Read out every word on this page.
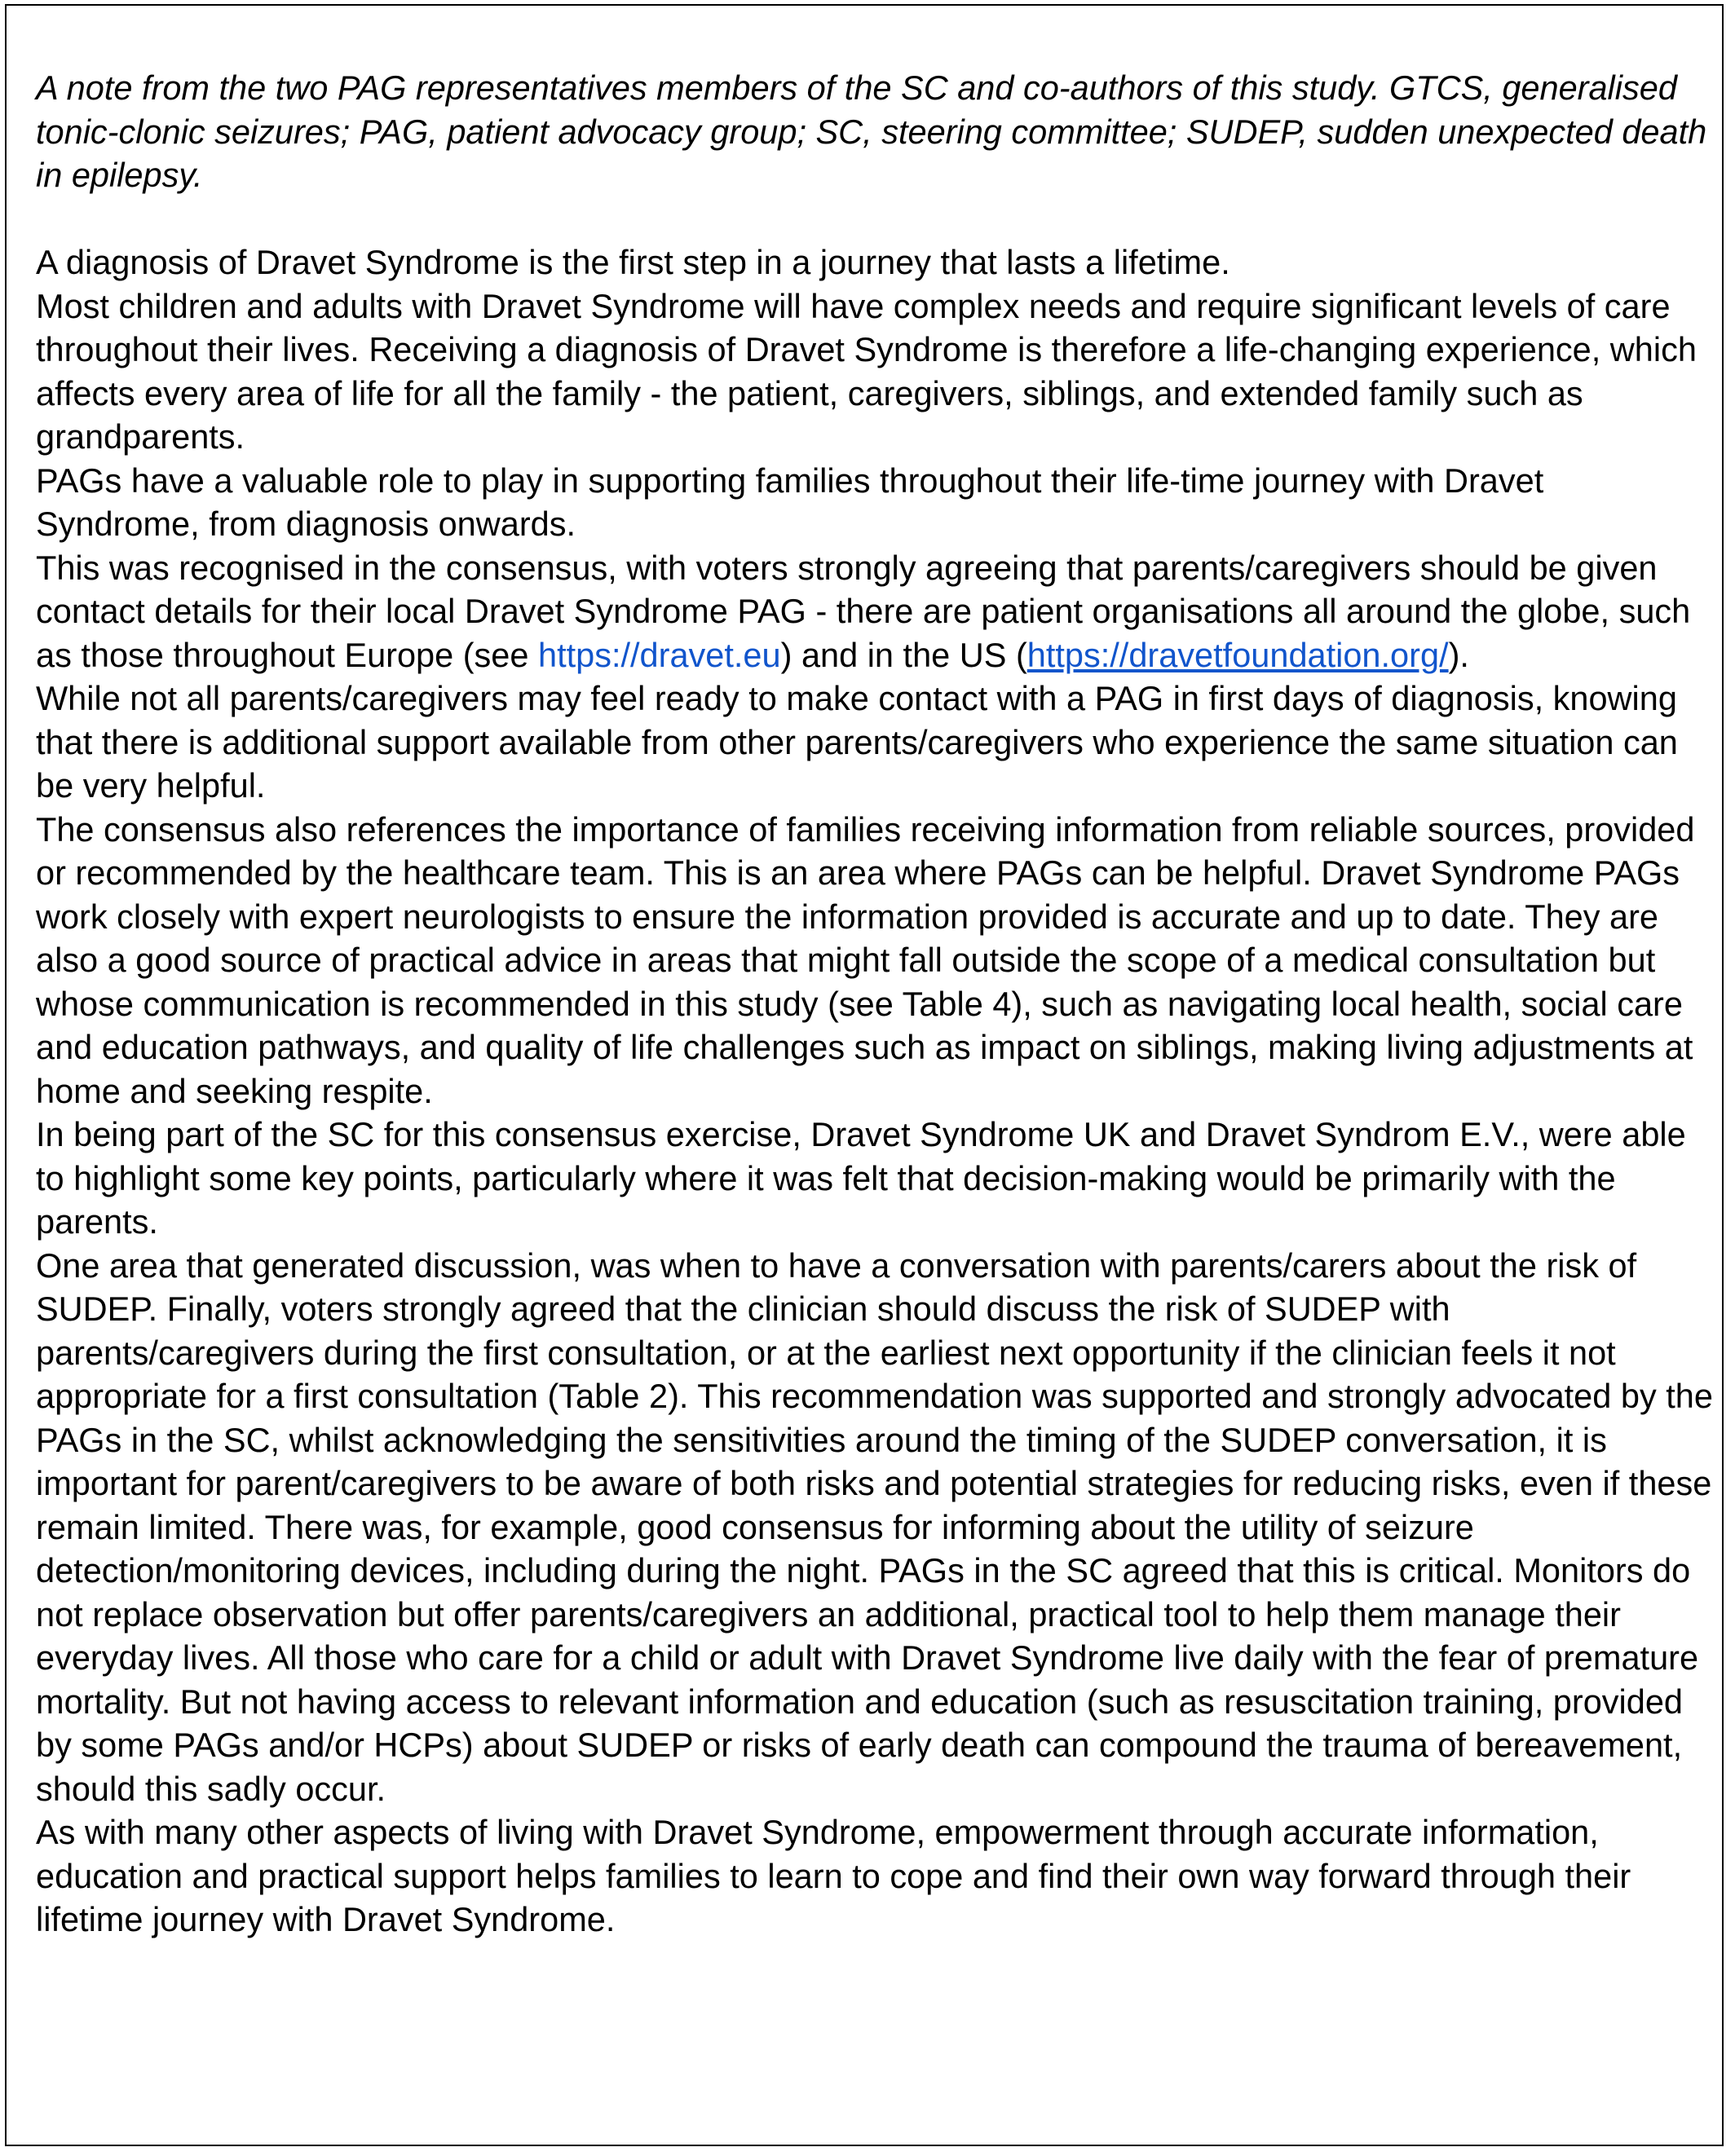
A note from the two PAG representatives members of the SC and co-authors of this study. GTCS, generalised tonic-clonic seizures; PAG, patient advocacy group; SC, steering committee; SUDEP, sudden unexpected death in epilepsy.

A diagnosis of Dravet Syndrome is the first step in a journey that lasts a lifetime.

Most children and adults with Dravet Syndrome will have complex needs and require significant levels of care throughout their lives. Receiving a diagnosis of Dravet Syndrome is therefore a life-changing experience, which affects every area of life for all the family - the patient, caregivers, siblings, and extended family such as grandparents.

PAGs have a valuable role to play in supporting families throughout their life-time journey with Dravet Syndrome, from diagnosis onwards.

This was recognised in the consensus, with voters strongly agreeing that parents/caregivers should be given contact details for their local Dravet Syndrome PAG - there are patient organisations all around the globe, such as those throughout Europe (see https://dravet.eu) and in the US (https://dravetfoundation.org/).

While not all parents/caregivers may feel ready to make contact with a PAG in first days of diagnosis, knowing that there is additional support available from other parents/caregivers who experience the same situation can be very helpful.

The consensus also references the importance of families receiving information from reliable sources, provided or recommended by the healthcare team. This is an area where PAGs can be helpful. Dravet Syndrome PAGs work closely with expert neurologists to ensure the information provided is accurate and up to date. They are also a good source of practical advice in areas that might fall outside the scope of a medical consultation but whose communication is recommended in this study (see Table 4), such as navigating local health, social care and education pathways, and quality of life challenges such as impact on siblings, making living adjustments at home and seeking respite.

In being part of the SC for this consensus exercise, Dravet Syndrome UK and Dravet Syndrom E.V., were able to highlight some key points, particularly where it was felt that decision-making would be primarily with the parents.

One area that generated discussion, was when to have a conversation with parents/carers about the risk of SUDEP. Finally, voters strongly agreed that the clinician should discuss the risk of SUDEP with parents/caregivers during the first consultation, or at the earliest next opportunity if the clinician feels it not appropriate for a first consultation (Table 2). This recommendation was supported and strongly advocated by the PAGs in the SC, whilst acknowledging the sensitivities around the timing of the SUDEP conversation, it is important for parent/caregivers to be aware of both risks and potential strategies for reducing risks, even if these remain limited. There was, for example, good consensus for informing about the utility of seizure detection/monitoring devices, including during the night. PAGs in the SC agreed that this is critical. Monitors do not replace observation but offer parents/caregivers an additional, practical tool to help them manage their everyday lives. All those who care for a child or adult with Dravet Syndrome live daily with the fear of premature mortality. But not having access to relevant information and education (such as resuscitation training, provided by some PAGs and/or HCPs) about SUDEP or risks of early death can compound the trauma of bereavement, should this sadly occur.

As with many other aspects of living with Dravet Syndrome, empowerment through accurate information, education and practical support helps families to learn to cope and find their own way forward through their lifetime journey with Dravet Syndrome.
